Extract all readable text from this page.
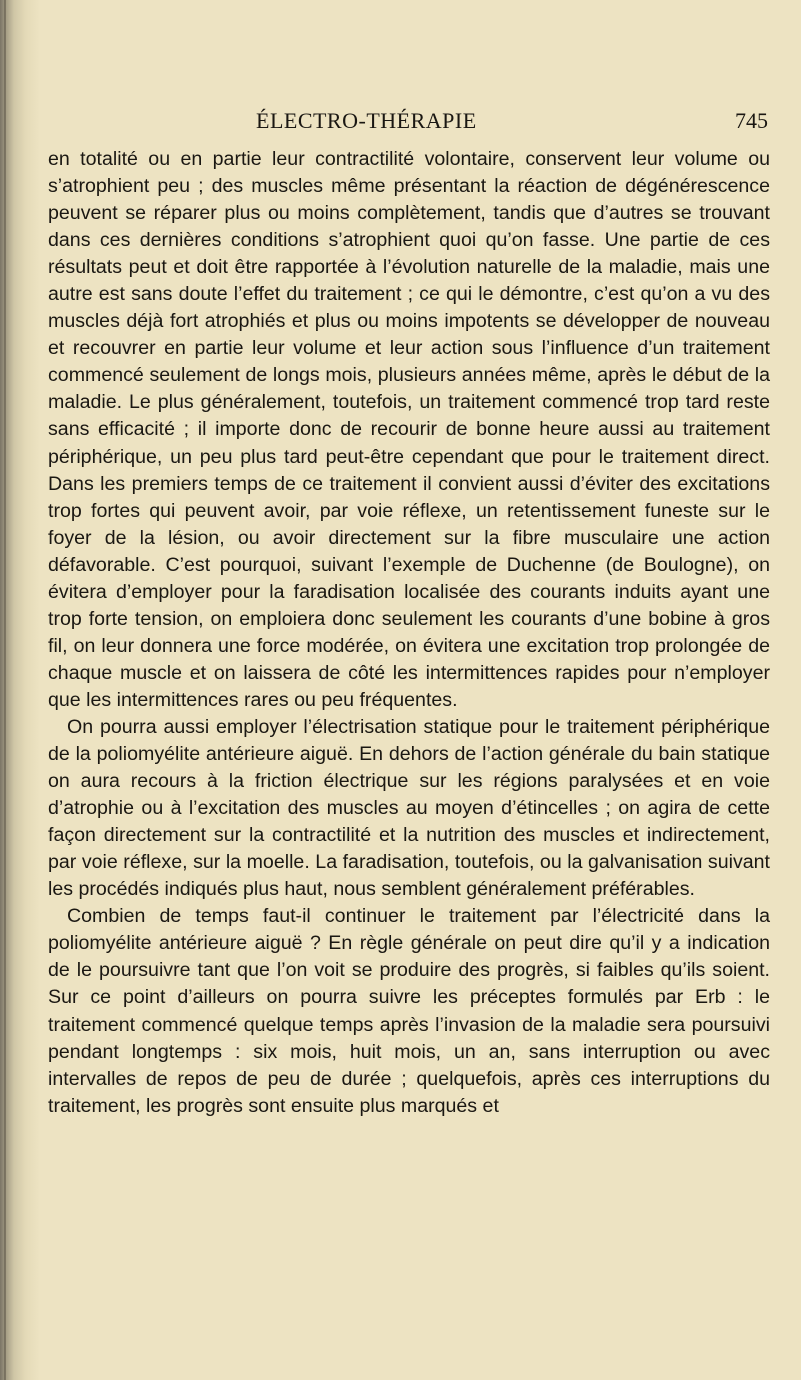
ÉLECTRO-THÉRAPIE	745

en totalité ou en partie leur contractilité volontaire, conservent leur volume ou s’atrophient peu ; des muscles même présentant la réaction de dégénérescence peuvent se réparer plus ou moins complètement, tandis que d’autres se trouvant dans ces dernières conditions s’atrophient quoi qu’on fasse. Une partie de ces résultats peut et doit être rapportée à l’évolution naturelle de la maladie, mais une autre est sans doute l’effet du traitement ; ce qui le démontre, c’est qu’on a vu des muscles déjà fort atrophiés et plus ou moins impotents se développer de nouveau et recouvrer en partie leur volume et leur action sous l’influence d’un traitement commencé seulement de longs mois, plusieurs années même, après le début de la maladie. Le plus généralement, toutefois, un traitement commencé trop tard reste sans efficacité ; il importe donc de recourir de bonne heure aussi au traitement périphérique, un peu plus tard peut-être cependant que pour le traitement direct. Dans les premiers temps de ce traitement il convient aussi d’éviter des excitations trop fortes qui peuvent avoir, par voie réflexe, un retentissement funeste sur le foyer de la lésion, ou avoir directement sur la fibre musculaire une action défavorable. C’est pourquoi, suivant l’exemple de Duchenne (de Boulogne), on évitera d’employer pour la faradisation localisée des courants induits ayant une trop forte tension, on emploiera donc seulement les courants d’une bobine à gros fil, on leur donnera une force modérée, on évitera une excitation trop prolongée de chaque muscle et on laissera de côté les intermittences rapides pour n’employer que les intermittences rares ou peu fréquentes.

On pourra aussi employer l’électrisation statique pour le traitement périphérique de la poliomyélite antérieure aiguë. En dehors de l’action générale du bain statique on aura recours à la friction électrique sur les régions paralysées et en voie d’atrophie ou à l’excitation des muscles au moyen d’étincelles ; on agira de cette façon directement sur la contractilité et la nutrition des muscles et indirectement, par voie réflexe, sur la moelle. La faradisation, toutefois, ou la galvanisation suivant les procédés indiqués plus haut, nous semblent généralement préférables.

Combien de temps faut-il continuer le traitement par l’électricité dans la poliomyélite antérieure aiguë ? En règle générale on peut dire qu’il y a indication de le poursuivre tant que l’on voit se produire des progrès, si faibles qu’ils soient. Sur ce point d’ailleurs on pourra suivre les préceptes formulés par Erb : le traitement commencé quelque temps après l’invasion de la maladie sera poursuivi pendant longtemps : six mois, huit mois, un an, sans interruption ou avec intervalles de repos de peu de durée ; quelquefois, après ces interruptions du traitement, les progrès sont ensuite plus marqués et
